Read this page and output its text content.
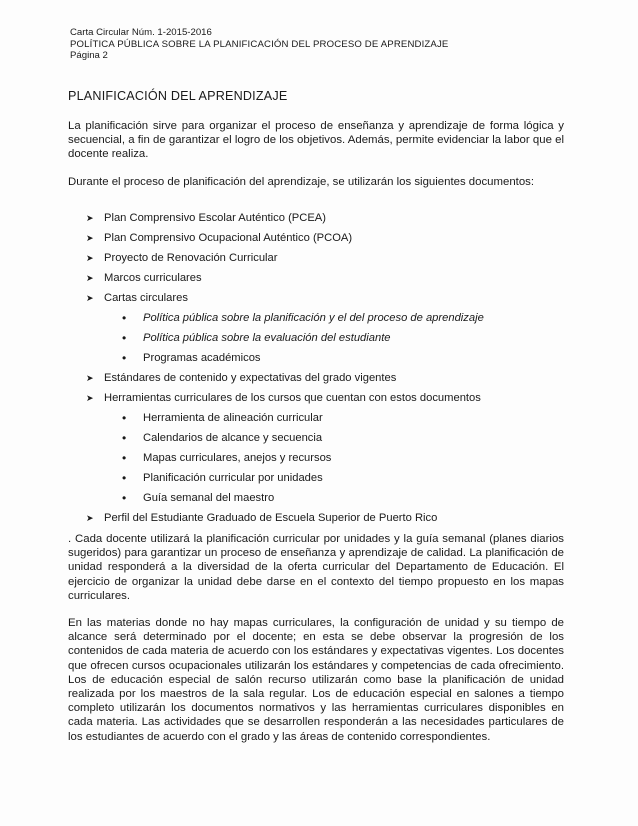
Carta Circular Núm. 1-2015-2016
POLÍTICA PÚBLICA SOBRE LA PLANIFICACIÓN DEL PROCESO DE APRENDIZAJE
Página 2
PLANIFICACIÓN DEL APRENDIZAJE

La planificación sirve para organizar el proceso de enseñanza y aprendizaje de forma lógica y secuencial, a fin de garantizar el logro de los objetivos. Además, permite evidenciar la labor que el docente realiza.

Durante el proceso de planificación del aprendizaje, se utilizarán los siguientes documentos:

➤ Plan Comprensivo Escolar Auténtico (PCEA)
➤ Plan Comprensivo Ocupacional Auténtico (PCOA)
➤ Proyecto de Renovación Curricular
➤ Marcos curriculares
➤ Cartas circulares
• Política pública sobre la planificación y el del proceso de aprendizaje
• Política pública sobre la evaluación del estudiante
• Programas académicos
➤ Estándares de contenido y expectativas del grado vigentes
➤ Herramientas curriculares de los cursos que cuentan con estos documentos
• Herramienta de alineación curricular
• Calendarios de alcance y secuencia
• Mapas curriculares, anejos y recursos
• Planificación curricular por unidades
• Guía semanal del maestro
➤ Perfil del Estudiante Graduado de Escuela Superior de Puerto Rico

. Cada docente utilizará la planificación curricular por unidades y la guía semanal (planes diarios sugeridos) para garantizar un proceso de enseñanza y aprendizaje de calidad. La planificación de unidad responderá a la diversidad de la oferta curricular del Departamento de Educación. El ejercicio de organizar la unidad debe darse en el contexto del tiempo propuesto en los mapas curriculares.

En las materias donde no hay mapas curriculares, la configuración de unidad y su tiempo de alcance será determinado por el docente; en esta se debe observar la progresión de los contenidos de cada materia de acuerdo con los estándares y expectativas vigentes. Los docentes que ofrecen cursos ocupacionales utilizarán los estándares y competencias de cada ofrecimiento. Los de educación especial de salón recurso utilizarán como base la planificación de unidad realizada por los maestros de la sala regular. Los de educación especial en salones a tiempo completo utilizarán los documentos normativos y las herramientas curriculares disponibles en cada materia. Las actividades que se desarrollen responderán a las necesidades particulares de los estudiantes de acuerdo con el grado y las áreas de contenido correspondientes.
